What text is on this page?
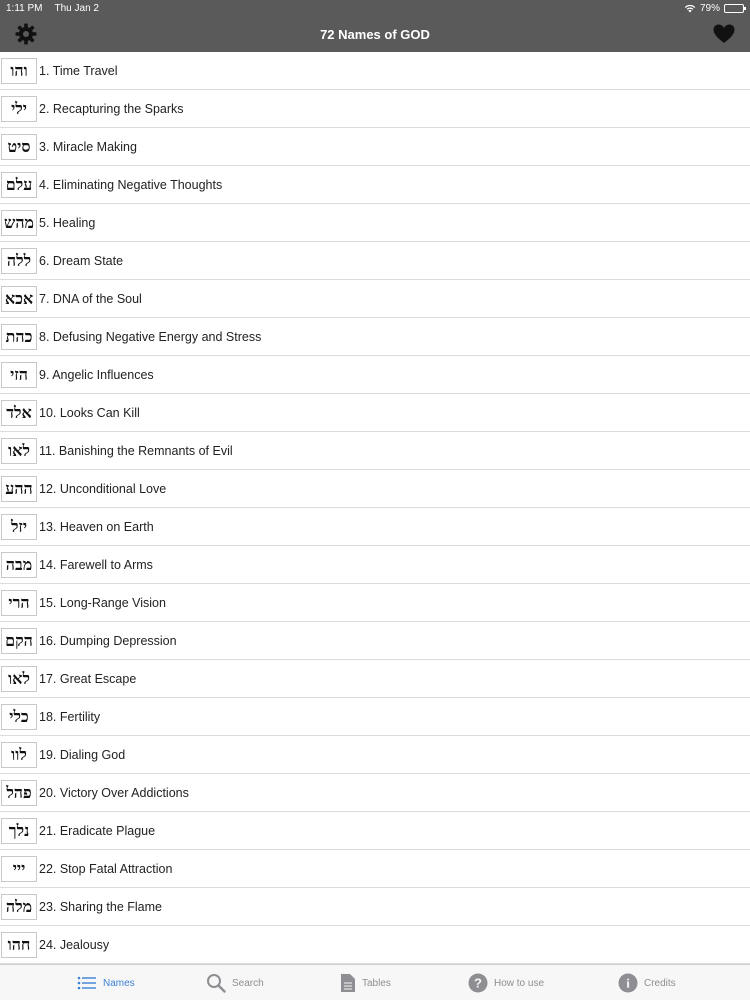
1:11 PM Thu Jan 2	79%
72 Names of GOD
והו 1. Time Travel
ילי 2. Recapturing the Sparks
סיט 3. Miracle Making
עלם 4. Eliminating Negative Thoughts
מהש 5. Healing
ללה 6. Dream State
אכא 7. DNA of the Soul
כהת 8. Defusing Negative Energy and Stress
הזי 9. Angelic Influences
אלד 10. Looks Can Kill
לאו 11. Banishing the Remnants of Evil
ההע 12. Unconditional Love
יזל 13. Heaven on Earth
מבה 14. Farewell to Arms
הרי 15. Long-Range Vision
הקם 16. Dumping Depression
לאו 17. Great Escape
כלי 18. Fertility
לוו 19. Dialing God
פהל 20. Victory Over Addictions
נלך 21. Eradicate Plague
ייי	22. Stop Fatal Attraction
מלה 23. Sharing the Flame
חהו 24. Jealousy
Names	Search	Tables	? How to use	i Credits
